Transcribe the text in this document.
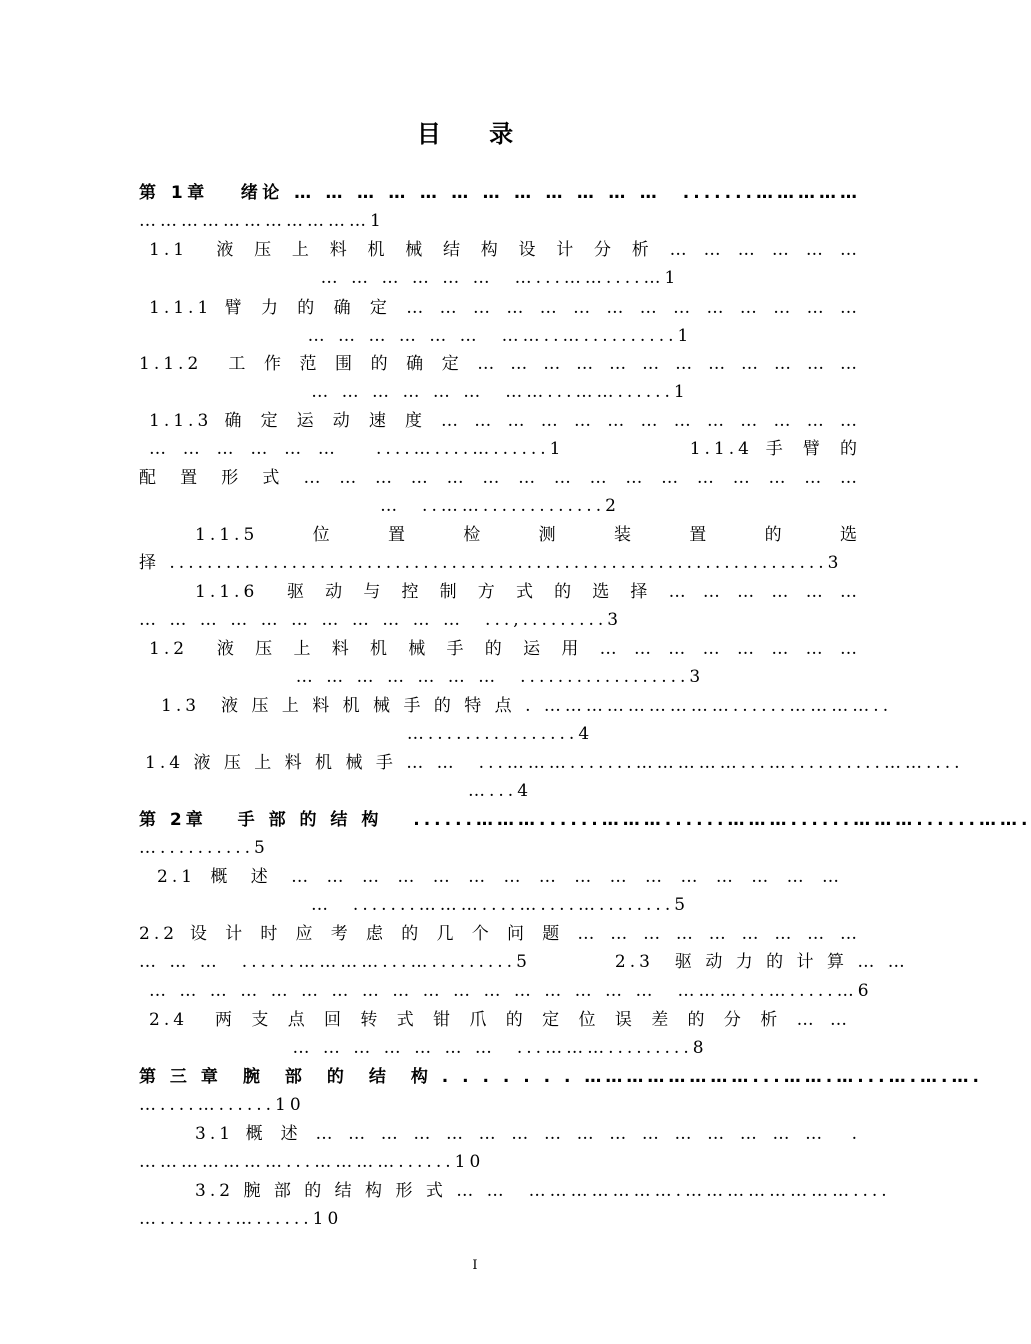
目 录
第 1章　 绪论 … … … … … … … … … … … …　.......……………
……………………………1
1.1　液 压 上 料 机 械 结 构 设 计 分 析 … … … … … …
… … … … … …　…...……....…1
1.1.1 臂 力 的 确 定 … … … … … … … … … … … … … …
… … … … … …　……..…..........1
1.1.2　工 作 范 围 的 确 定 … … … … … … … … … … … …
… … … … … …　……...……......1
1.1.3 确 定 运 动 速 度 … … … … … … … … … … … … …
… … … … … … 　....…....…......1　　　　　1.1.4 手 臂 的
配 置 形 式 … … … … … … … … … … … … … … … …
…　..…….............2
1.1.5　　位　　置　　检　　测　　装　　置　　的　　选
择 ......................................................................3
1.1.6　驱 动 与 控 制 方 式 的 选 择 … … … … … …
… … … … … … … … … … …　...,.........3
1.2　液 压 上 料 机 械 手 的 运 用 … … … … … … … …
… … … … … … …　..................3
1.3　液 压 上 料 机 械 手 的 特 点 . ………………………......…………..
…................4
1.4 液 压 上 料 机 械 手 … …　...……….......……………...…..........……....
…...4
第 2章　 手 部 的 结 构　 ......………......………......………......………......…….
…..........5
2.1 概 述 … … … … … … … … … … … … … … … …
…　.......………....…....…........5
2.2 设 计 时 应 考 虑 的 几 个 问 题 … … … … … … … … …
… … …　......…………...….........5　　　　2.3　驱 动 力 的 计 算 … …
… … … … … … … … … … … … … … … … …　………...….....…6
2.4　两 支 点 回 转 式 钳 爪 的 定 位 误 差 的 分 析 … …
… … … … … … …　...……….........8
第 三 章　腕　部　的　结　构 . . . . . . . ……………………...…….…...….….….
…....…......10
3.1 概 述 … … … … … … … … … … … … … … … …　.
…………………...…………......10
3.2 腕 部 的 结 构 形 式 … …　………………….……………………....
…........…......10
I
